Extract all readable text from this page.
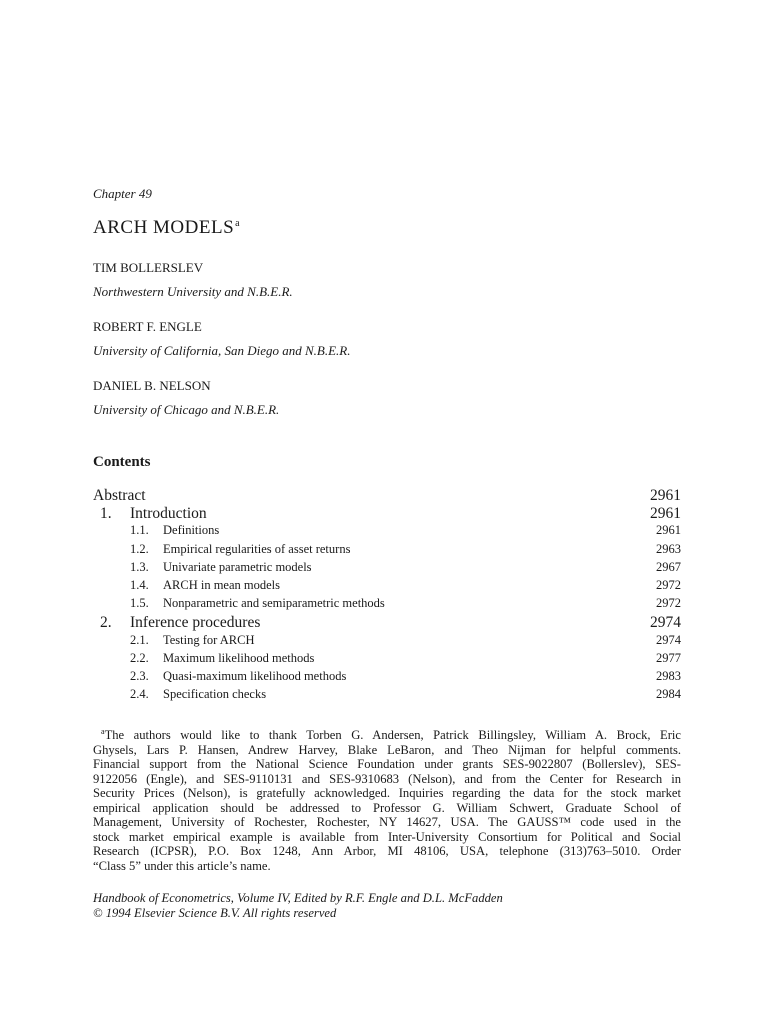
Chapter 49
ARCH MODELS$^a$
TIM BOLLERSLEV
Northwestern University and N.B.E.R.
ROBERT F. ENGLE
University of California, San Diego and N.B.E.R.
DANIEL B. NELSON
University of Chicago and N.B.E.R.
Contents
Abstract	2961
1. Introduction	2961
1.1. Definitions	2961
1.2. Empirical regularities of asset returns	2963
1.3. Univariate parametric models	2967
1.4. ARCH in mean models	2972
1.5. Nonparametric and semiparametric methods	2972
2. Inference procedures	2974
2.1. Testing for ARCH	2974
2.2. Maximum likelihood methods	2977
2.3. Quasi-maximum likelihood methods	2983
2.4. Specification checks	2984
$^a$The authors would like to thank Torben G. Andersen, Patrick Billingsley, William A. Brock, Eric
Ghysels, Lars P. Hansen, Andrew Harvey, Blake LeBaron, and Theo Nijman for helpful comments.
Financial support from the National Science Foundation under grants SES-9022807 (Bollerslev), SES-
9122056 (Engle), and SES-9110131 and SES-9310683 (Nelson), and from the Center for Research in
Security Prices (Nelson), is gratefully acknowledged. Inquiries regarding the data for the stock market
empirical application should be addressed to Professor G. William Schwert, Graduate School of
Management, University of Rochester, Rochester, NY 14627, USA. The GAUSS™ code used in the
stock market empirical example is available from Inter-University Consortium for Political and Social
Research (ICPSR), P.O. Box 1248, Ann Arbor, MI 48106, USA, telephone (313)763–5010. Order
“Class 5” under this article’s name.
Handbook of Econometrics, Volume IV, Edited by R.F. Engle and D.L. McFadden
© 1994 Elsevier Science B.V. All rights reserved
